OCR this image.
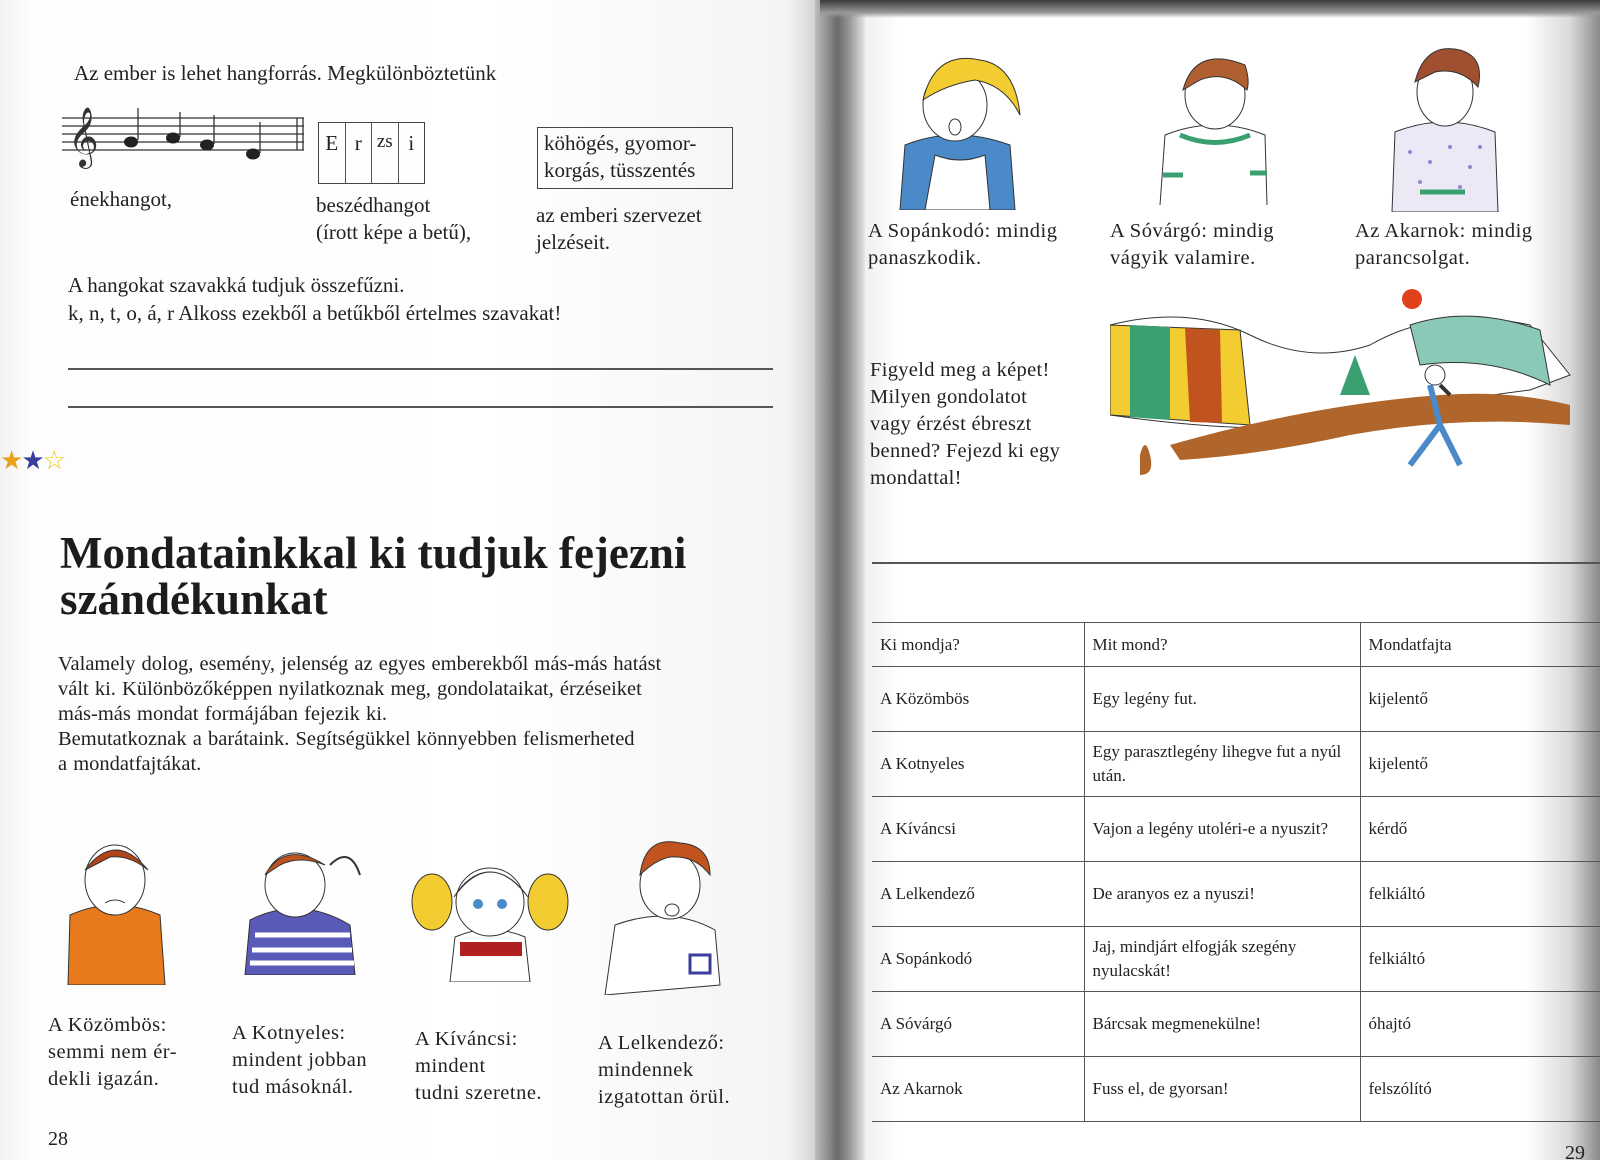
Az ember is lehet hangforrás. Megkülönböztetünk
𝄞	E r zs i	köhögés, gyomor-
korgás, tüsszentés
énekhangot,	beszédhangot
(írott képe a betű),
az emberi szervezet
jelzéseit.
A hangokat szavakká tudjuk összefűzni.
k, n, t, o, á, r Alkoss ezekből a betűkből értelmes szavakat!
★★☆
Mondatainkkal ki tudjuk fejezni
szándékunkat
Valamely dolog, esemény, jelenség az egyes emberekből más-más hatást
vált ki. Különbözőképpen nyilatkoznak meg, gondolataikat, érzéseiket
más-más mondat formájában fejezik ki.
Bemutatkoznak a barátaink. Segítségükkel könnyebben felismerheted
a mondatfajtákat.
A Közömbös:
semmi nem ér-
dekli igazán.
A Kotnyeles:
mindent jobban
tud másoknál.
A Kíváncsi:
mindent
tudni szeretne.
A Lelkendező:
mindennek
izgatottan örül.
28
A Sopánkodó: mindig
panaszkodik.
A Sóvárgó: mindig
vágyik valamire.
Az Akarnok: mindig
parancsolgat.
Figyeld meg a képet!
Milyen gondolatot
vagy érzést ébreszt
benned? Fejezd ki egy
mondattal!
Ki mondja?	Mit mond?	Mondatfajta
A Közömbös	Egy legény fut.	kijelentő
A Kotnyeles	Egy parasztlegény lihegve fut a nyúl után.	kijelentő
A Kíváncsi	Vajon a legény utoléri-e a nyuszit?	kérdő
A Lelkendező	De aranyos ez a nyuszi!	felkiáltó
A Sopánkodó	Jaj, mindjárt elfogják szegény nyulacskát!	felkiáltó
A Sóvárgó	Bárcsak megmenekülne!	óhajtó
Az Akarnok	Fuss el, de gyorsan!	felszólító
29
